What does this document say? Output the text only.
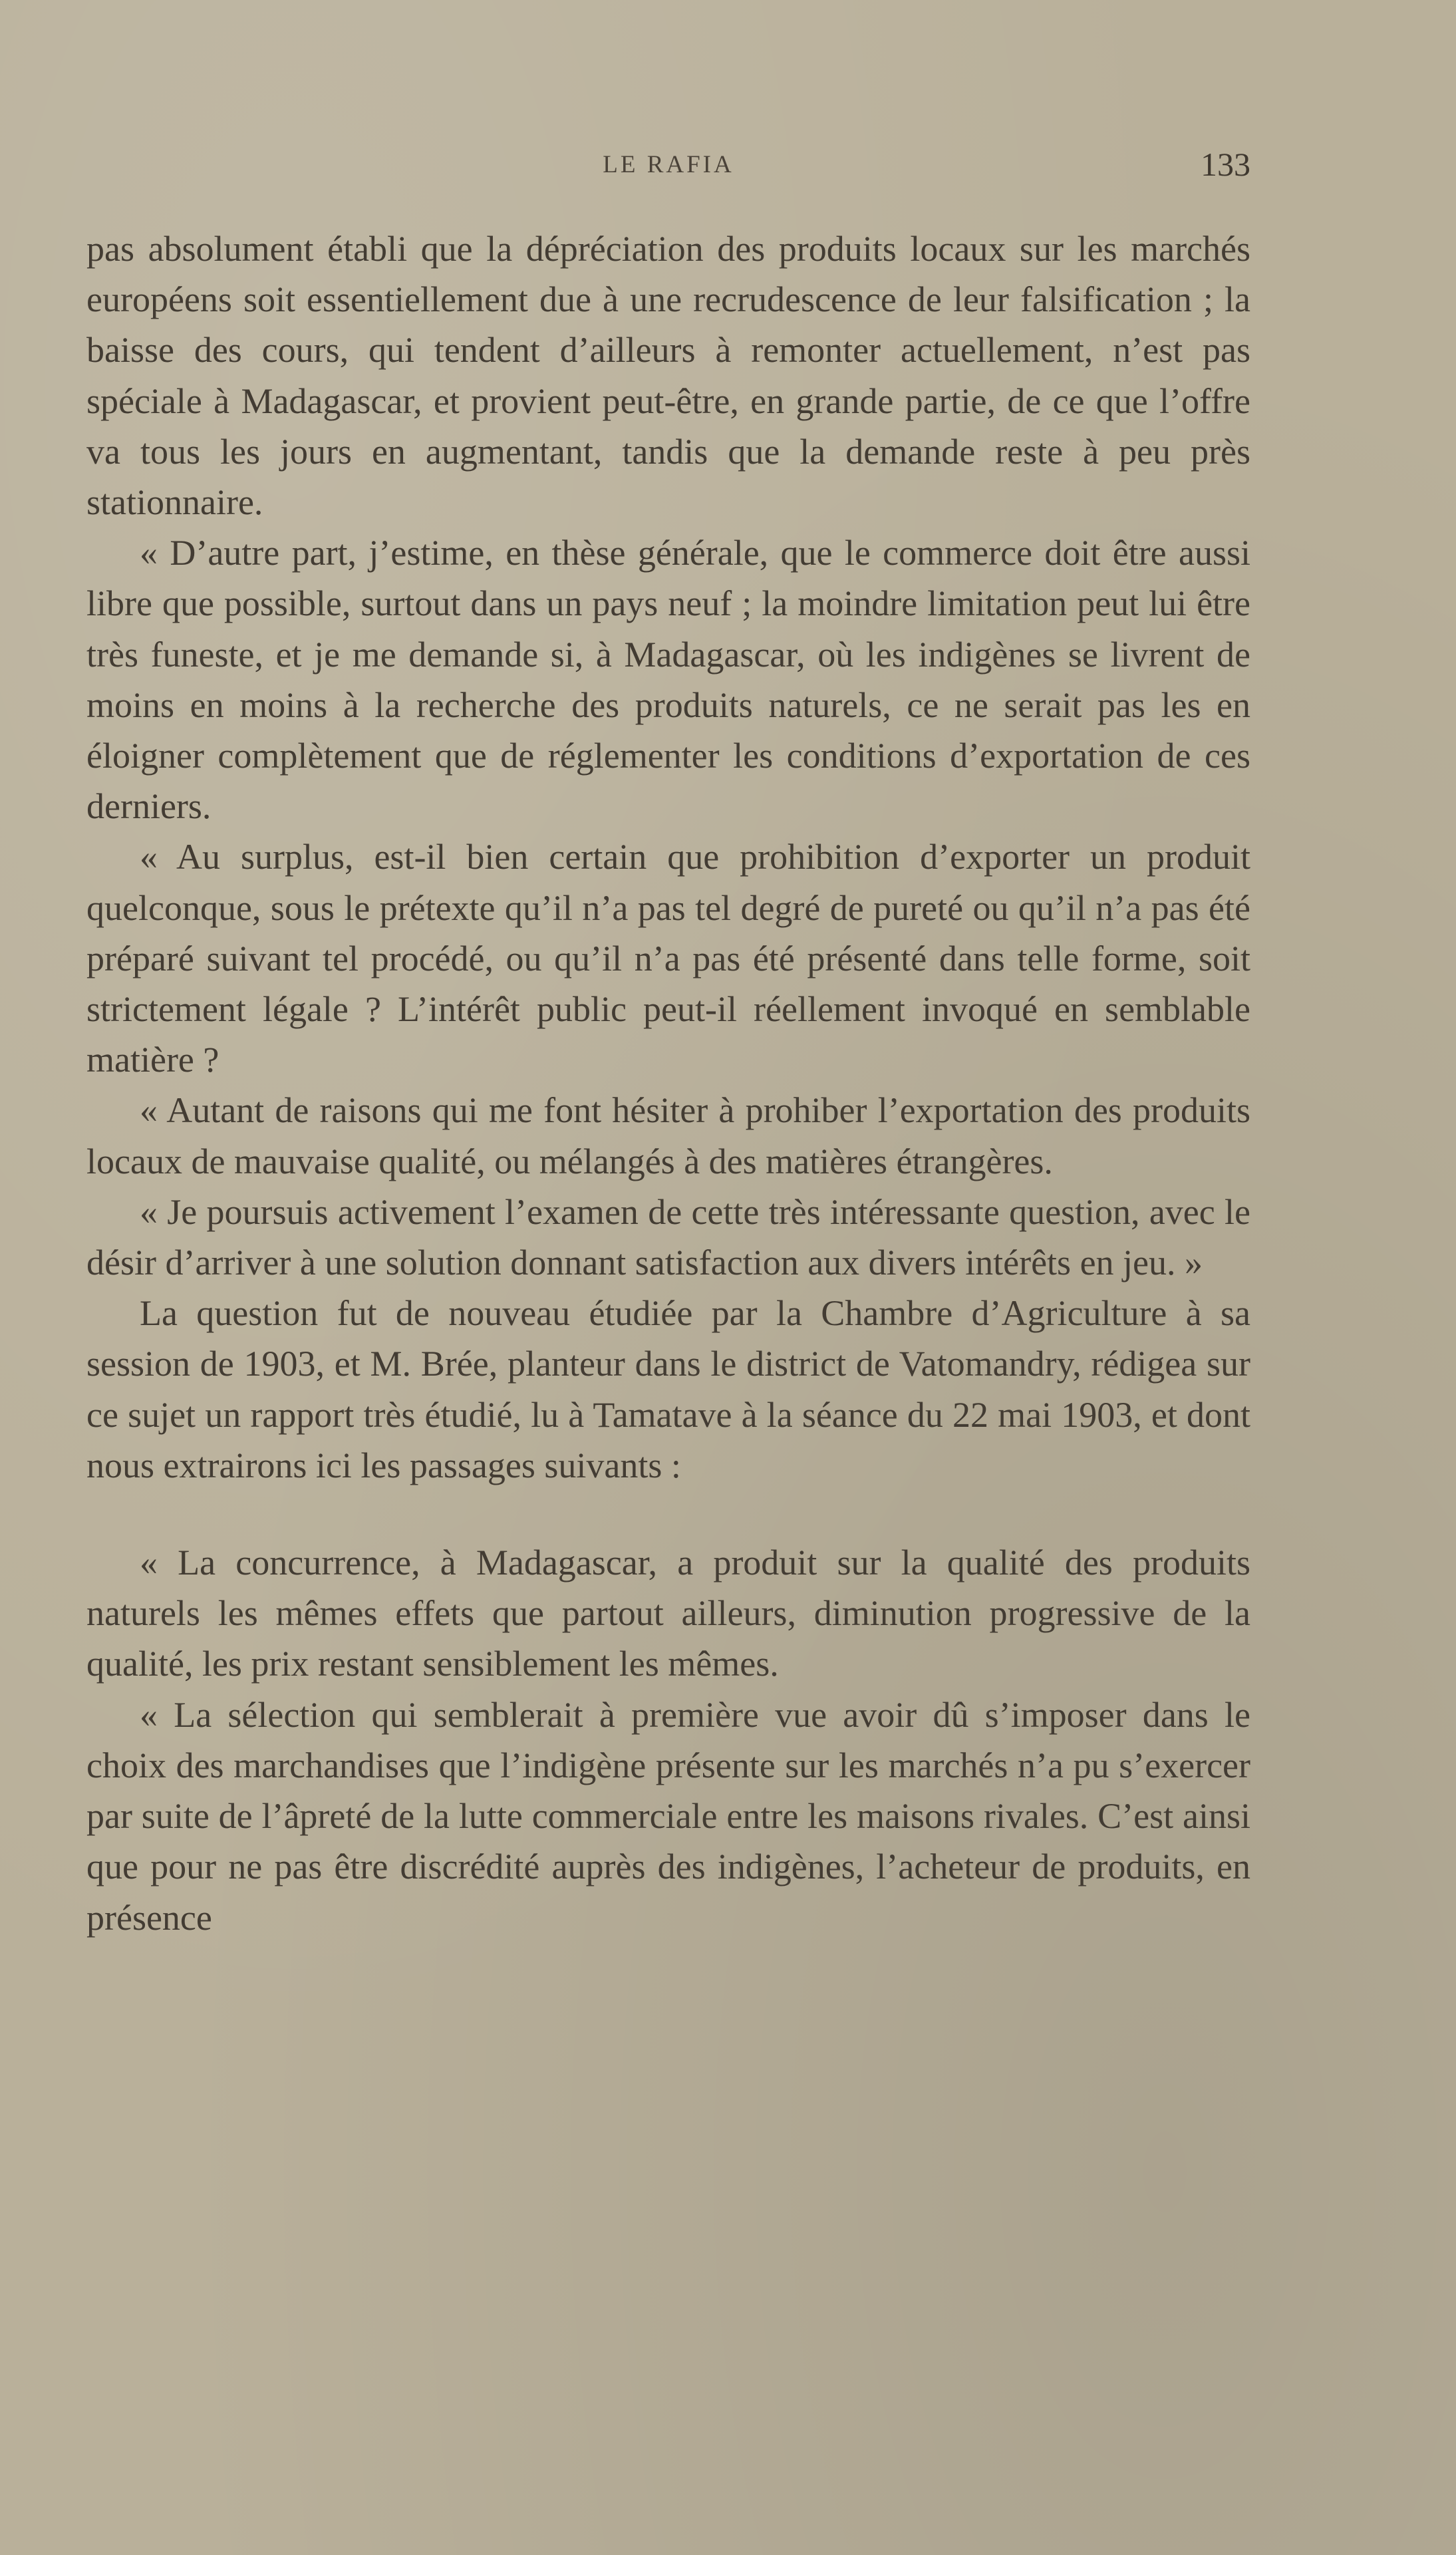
LE RAFIA	133

pas absolument établi que la dépréciation des produits locaux sur les marchés européens soit essentiellement due à une recrudescence de leur falsification ; la baisse des cours, qui tendent d’ailleurs à remonter actuellement, n’est pas spéciale à Madagascar, et provient peut-être, en grande partie, de ce que l’offre va tous les jours en augmentant, tandis que la demande reste à peu près stationnaire.

« D’autre part, j’estime, en thèse générale, que le commerce doit être aussi libre que possible, surtout dans un pays neuf ; la moindre limitation peut lui être très funeste, et je me demande si, à Madagascar, où les indigènes se livrent de moins en moins à la recherche des produits naturels, ce ne serait pas les en éloigner complètement que de réglementer les conditions d’exportation de ces derniers.

« Au surplus, est-il bien certain que prohibition d’exporter un produit quelconque, sous le prétexte qu’il n’a pas tel degré de pureté ou qu’il n’a pas été préparé suivant tel procédé, ou qu’il n’a pas été présenté dans telle forme, soit strictement légale ? L’intérêt public peut-il réellement invoqué en semblable matière ?

« Autant de raisons qui me font hésiter à prohiber l’exportation des produits locaux de mauvaise qualité, ou mélangés à des matières étrangères.

« Je poursuis activement l’examen de cette très intéressante question, avec le désir d’arriver à une solution donnant satisfaction aux divers intérêts en jeu. »

La question fut de nouveau étudiée par la Chambre d’Agriculture à sa session de 1903, et M. Brée, planteur dans le district de Vatomandry, rédigea sur ce sujet un rapport très étudié, lu à Tamatave à la séance du 22 mai 1903, et dont nous extrairons ici les passages suivants :

« La concurrence, à Madagascar, a produit sur la qualité des produits naturels les mêmes effets que partout ailleurs, diminution progressive de la qualité, les prix restant sensiblement les mêmes.

« La sélection qui semblerait à première vue avoir dû s’imposer dans le choix des marchandises que l’indigène présente sur les marchés n’a pu s’exercer par suite de l’âpreté de la lutte commerciale entre les maisons rivales. C’est ainsi que pour ne pas être discrédité auprès des indigènes, l’acheteur de produits, en présence
